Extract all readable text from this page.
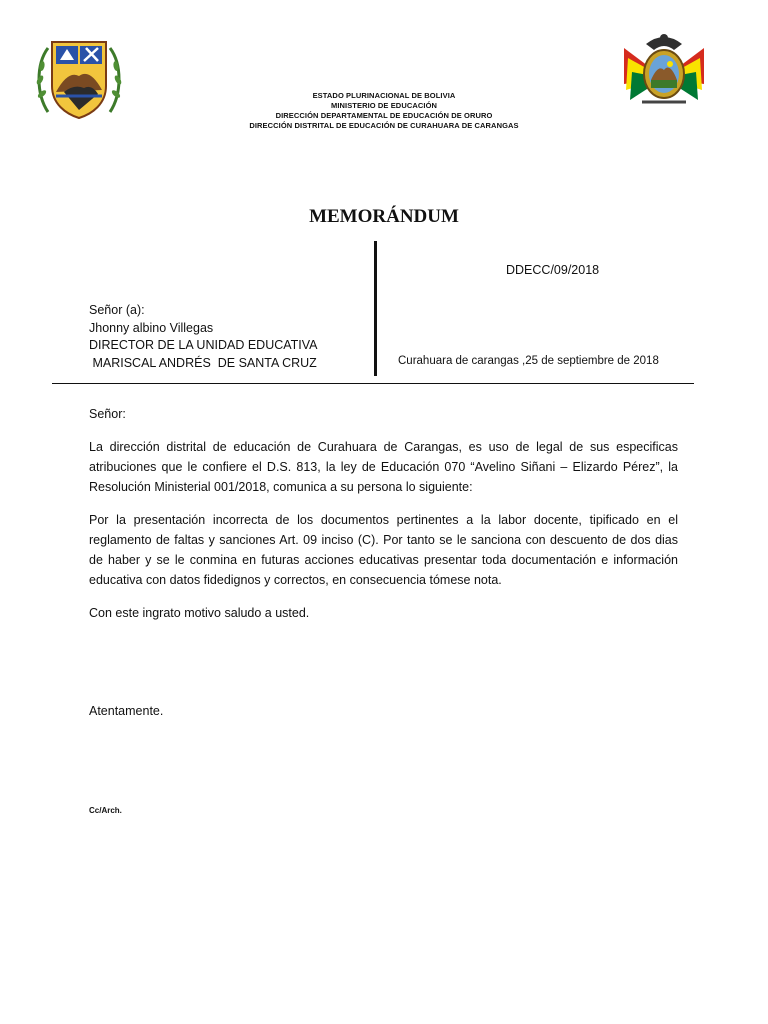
ESTADO PLURINACIONAL DE BOLIVIA
MINISTERIO DE EDUCACIÓN
DIRECCIÓN DEPARTAMENTAL DE EDUCACIÓN DE ORURO
DIRECCIÓN DISTRITAL DE EDUCACIÓN DE CURAHUARA DE CARANGAS
MEMORÁNDUM
DDECC/09/2018
Señor (a):
Jhonny albino Villegas
DIRECTOR DE LA UNIDAD EDUCATIVA
MARISCAL ANDRÉS  DE SANTA CRUZ	Curahuara de carangas ,25 de septiembre de 2018
Señor:
La dirección distrital de educación de Curahuara de Carangas, es uso de legal de sus especificas atribuciones que le confiere el D.S. 813, la ley de Educación 070 “Avelino Siñani – Elizardo Pérez”, la Resolución Ministerial 001/2018, comunica a su persona lo siguiente:
Por la presentación incorrecta de los documentos pertinentes a la labor docente, tipificado en el reglamento de faltas y sanciones Art. 09 inciso (C). Por tanto se le sanciona con descuento de dos dias de haber y se le conmina en futuras acciones educativas presentar toda documentación e información educativa con datos fidedignos y correctos, en consecuencia tómese nota.
Con este ingrato motivo saludo a usted.
Atentamente.
Cc/Arch.
